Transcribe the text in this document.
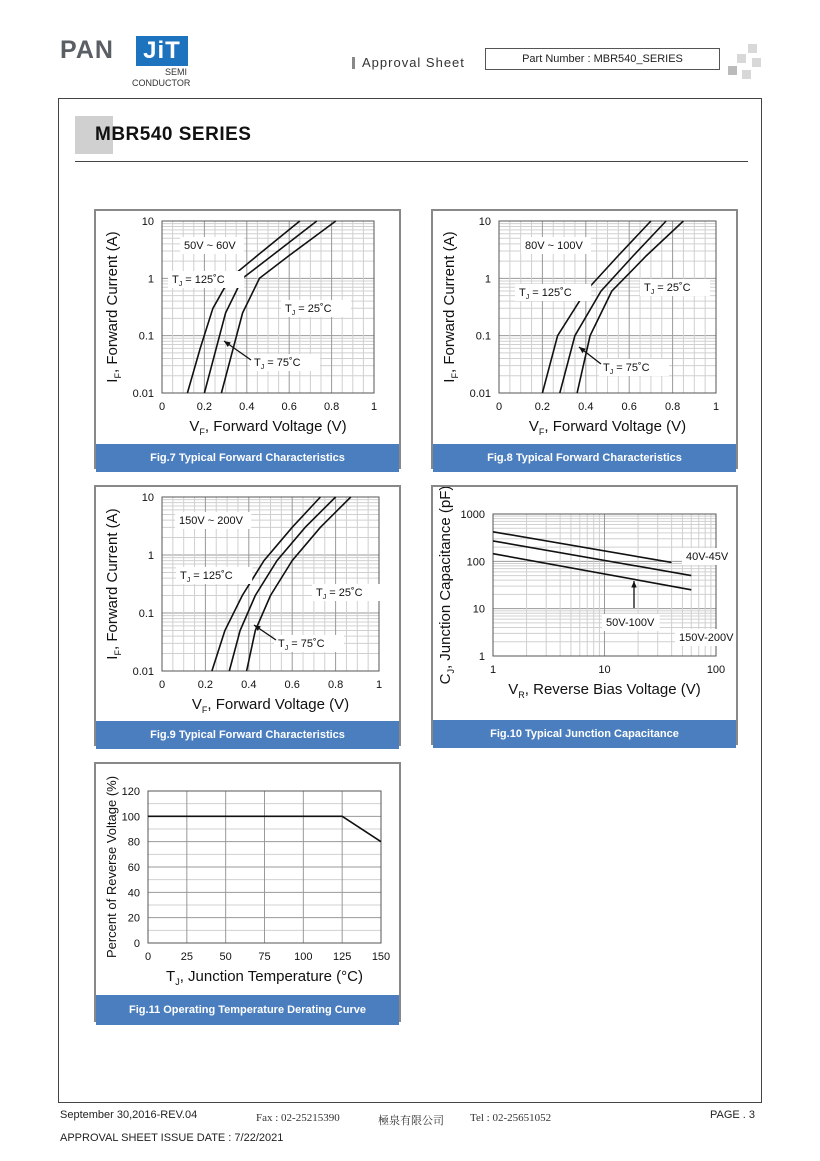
PAN JiT
SEMI
CONDUCTOR
Approval Sheet	Part Number : MBR540_SERIES
MBR540 SERIES
0.01
0.1
1
10
0	0.2 0.4 0.6 0.8	1
$V_F$, Forward Voltage (V)
$I_F$, Forward Current (A)	50V ~ 60V
$T_J$ = 125˚C
$T_J$ = 25˚C
$T_J$ = 75˚C
Fig.7 Typical Forward Characteristics
0.01
0.1
1
10
0	0.2	0.4	0.6	0.8	1
$V_F$, Forward Voltage (V)
$I_F$, Forward Current (A)	80V ~ 100V
$T_J$ = 125˚C	$T_J$ = 25˚C
$T_J$ = 75˚C
Fig.8 Typical Forward Characteristics
0.01
0.1
1
10
0	0.2	0.4	0.6	0.8	1
$V_F$, Forward Voltage (V)
$I_F$, Forward Current (A)	150V ~ 200V
$T_J$ = 125˚C
$T_J$ = 25˚C
$T_J$ = 75˚C
Fig.9 Typical Forward Characteristics
1
10
100
1000
1	10	100
$V_R$, Reverse Bias Voltage (V)
$C_J$, Junction Capacitance (pF)	40V-45V
50V-100V
150V-200V
Fig.10 Typical Junction Capacitance
0
20
40
60
80
100
120
0	25 50 75 100 125 150
$T_J$, Junction Temperature (°C)
Percent of Reverse Voltage (%)
Fig.11 Operating Temperature Derating Curve
September 30,2016-REV.04	Fax : 02-25215390	極泉有限公司 Tel : 02-25651052	PAGE . 3
APPROVAL SHEET ISSUE DATE : 7/22/2021
